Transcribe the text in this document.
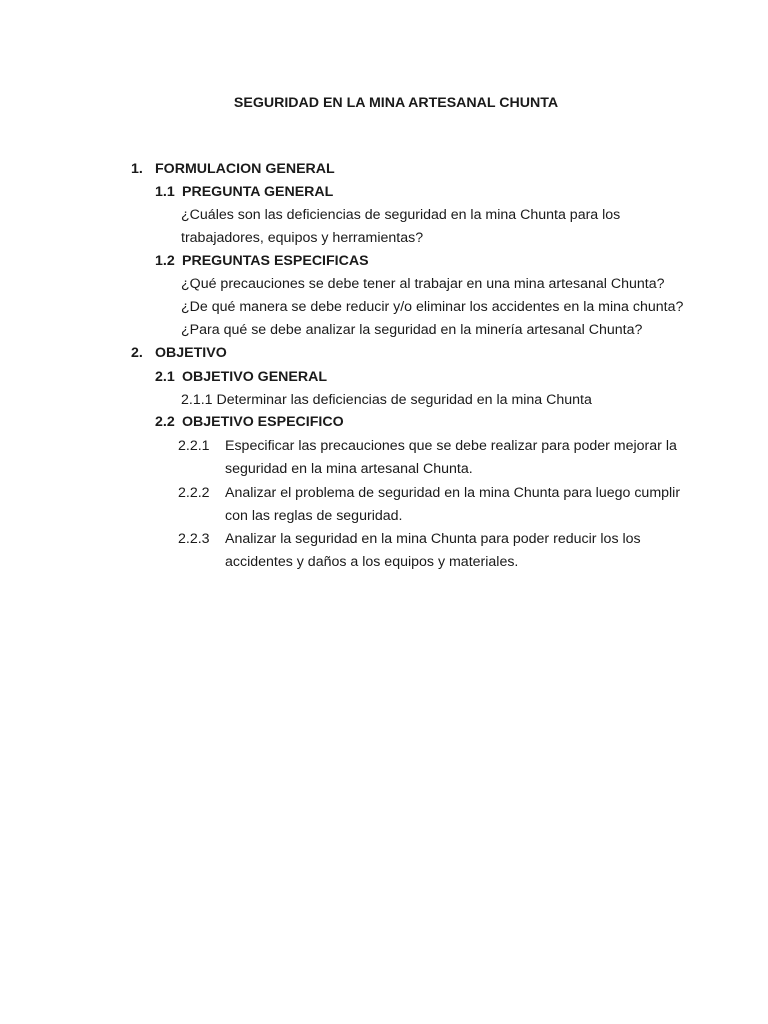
SEGURIDAD EN LA MINA ARTESANAL CHUNTA
1. FORMULACION GENERAL
1.1 PREGUNTA GENERAL
¿Cuáles son las deficiencias de seguridad en la mina Chunta para los
trabajadores, equipos y herramientas?
1.2 PREGUNTAS ESPECIFICAS
¿Qué precauciones se debe tener al trabajar en una mina artesanal Chunta?
¿De qué manera se debe reducir y/o eliminar los accidentes en la mina chunta?
¿Para qué se debe analizar la seguridad en la minería artesanal Chunta?
2. OBJETIVO
2.1 OBJETIVO GENERAL
2.1.1 Determinar las deficiencias de seguridad en la mina Chunta
2.2 OBJETIVO ESPECIFICO
2.2.1 Especificar las precauciones que se debe realizar para poder mejorar la
seguridad en la mina artesanal Chunta.
2.2.2 Analizar el problema de seguridad en la mina Chunta para luego cumplir
con las reglas de seguridad.
2.2.3 Analizar la seguridad en la mina Chunta para poder reducir los los
accidentes y daños a los equipos y materiales.
